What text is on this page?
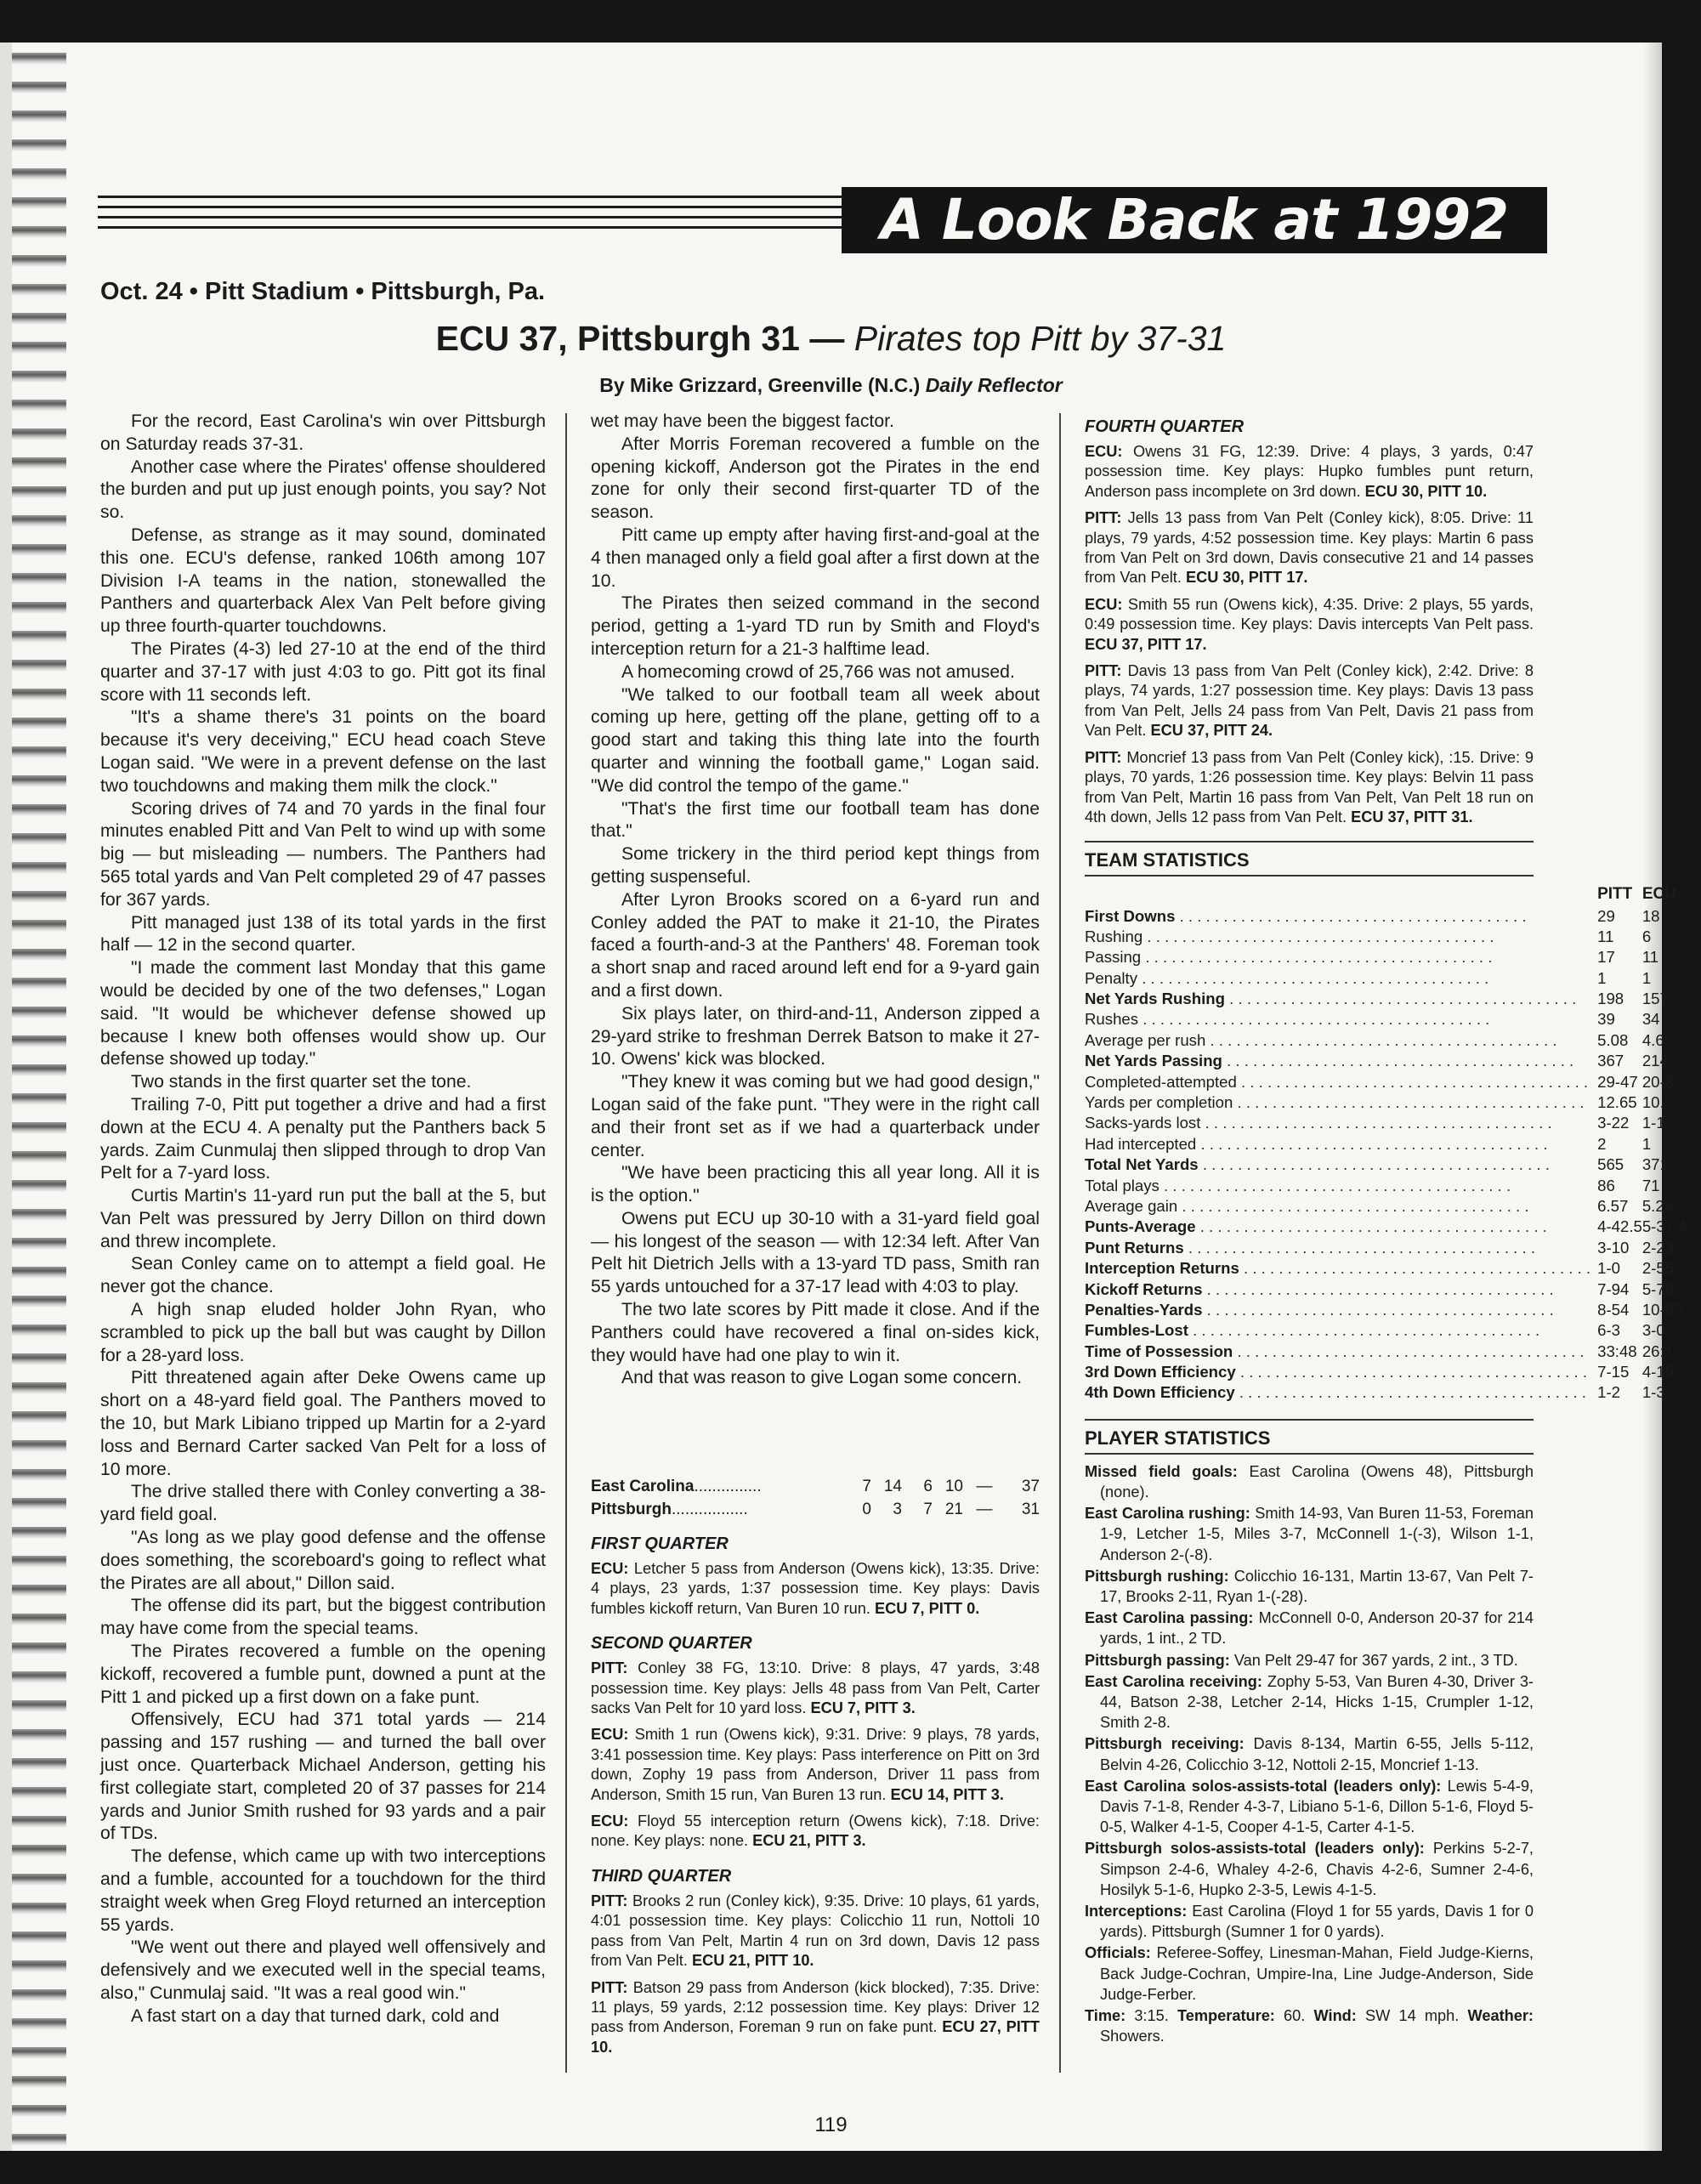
A Look Back at 1992
Oct. 24 • Pitt Stadium • Pittsburgh, Pa.
ECU 37, Pittsburgh 31 — Pirates top Pitt by 37-31
By Mike Grizzard, Greenville (N.C.) Daily Reflector

For the record, East Carolina's win over Pittsburgh on Saturday reads 37-31.

Another case where the Pirates' offense shouldered the burden and put up just enough points, you say? Not so.

Defense, as strange as it may sound, dominated this one. ECU's defense, ranked 106th among 107 Division I-A teams in the nation, stonewalled the Panthers and quarterback Alex Van Pelt before giving up three fourth-quarter touchdowns.

The Pirates (4-3) led 27-10 at the end of the third quarter and 37-17 with just 4:03 to go. Pitt got its final score with 11 seconds left.

"It's a shame there's 31 points on the board because it's very deceiving," ECU head coach Steve Logan said. "We were in a prevent defense on the last two touchdowns and making them milk the clock."

Scoring drives of 74 and 70 yards in the final four minutes enabled Pitt and Van Pelt to wind up with some big — but misleading — numbers. The Panthers had 565 total yards and Van Pelt completed 29 of 47 passes for 367 yards.

Pitt managed just 138 of its total yards in the first half — 12 in the second quarter.

"I made the comment last Monday that this game would be decided by one of the two defenses," Logan said. "It would be whichever defense showed up because I knew both offenses would show up. Our defense showed up today."

Two stands in the first quarter set the tone.

Trailing 7-0, Pitt put together a drive and had a first down at the ECU 4. A penalty put the Panthers back 5 yards. Zaim Cunmulaj then slipped through to drop Van Pelt for a 7-yard loss.

Curtis Martin's 11-yard run put the ball at the 5, but Van Pelt was pressured by Jerry Dillon on third down and threw incomplete.

Sean Conley came on to attempt a field goal. He never got the chance.

A high snap eluded holder John Ryan, who scrambled to pick up the ball but was caught by Dillon for a 28-yard loss.

Pitt threatened again after Deke Owens came up short on a 48-yard field goal. The Panthers moved to the 10, but Mark Libiano tripped up Martin for a 2-yard loss and Bernard Carter sacked Van Pelt for a loss of 10 more.

The drive stalled there with Conley converting a 38-yard field goal.

"As long as we play good defense and the offense does something, the scoreboard's going to reflect what the Pirates are all about," Dillon said.

The offense did its part, but the biggest contribution may have come from the special teams.

The Pirates recovered a fumble on the opening kickoff, recovered a fumble punt, downed a punt at the Pitt 1 and picked up a first down on a fake punt.

Offensively, ECU had 371 total yards — 214 passing and 157 rushing — and turned the ball over just once. Quarterback Michael Anderson, getting his first collegiate start, completed 20 of 37 passes for 214 yards and Junior Smith rushed for 93 yards and a pair of TDs.

The defense, which came up with two interceptions and a fumble, accounted for a touchdown for the third straight week when Greg Floyd returned an interception 55 yards.

"We went out there and played well offensively and defensively and we executed well in the special teams, also," Cunmulaj said. "It was a real good win."

A fast start on a day that turned dark, cold and

wet may have been the biggest factor.

After Morris Foreman recovered a fumble on the opening kickoff, Anderson got the Pirates in the end zone for only their second first-quarter TD of the season.

Pitt came up empty after having first-and-goal at the 4 then managed only a field goal after a first down at the 10.

The Pirates then seized command in the second period, getting a 1-yard TD run by Smith and Floyd's interception return for a 21-3 halftime lead.

A homecoming crowd of 25,766 was not amused.

"We talked to our football team all week about coming up here, getting off the plane, getting off to a good start and taking this thing late into the fourth quarter and winning the football game," Logan said. "We did control the tempo of the game."

"That's the first time our football team has done that."

Some trickery in the third period kept things from getting suspenseful.

After Lyron Brooks scored on a 6-yard run and Conley added the PAT to make it 21-10, the Pirates faced a fourth-and-3 at the Panthers' 48. Foreman took a short snap and raced around left end for a 9-yard gain and a first down.

Six plays later, on third-and-11, Anderson zipped a 29-yard strike to freshman Derrek Batson to make it 27-10. Owens' kick was blocked.

"They knew it was coming but we had good design," Logan said of the fake punt. "They were in the right call and their front set as if we had a quarterback under center.

"We have been practicing this all year long. All it is is the option."

Owens put ECU up 30-10 with a 31-yard field goal — his longest of the season — with 12:34 left. After Van Pelt hit Dietrich Jells with a 13-yard TD pass, Smith ran 55 yards untouched for a 37-17 lead with 4:03 to play.

The two late scores by Pitt made it close. And if the Panthers could have recovered a final on-sides kick, they would have had one play to win it.

And that was reason to give Logan some concern.

East Carolina ...............	7 14	6 10 —	37
Pittsburgh .................	0	3	7 21 —	31
FIRST QUARTER

ECU: Letcher 5 pass from Anderson (Owens kick), 13:35. Drive: 4 plays, 23 yards, 1:37 possession time. Key plays: Davis fumbles kickoff return, Van Buren 10 run. ECU 7, PITT 0.

SECOND QUARTER

PITT: Conley 38 FG, 13:10. Drive: 8 plays, 47 yards, 3:48 possession time. Key plays: Jells 48 pass from Van Pelt, Carter sacks Van Pelt for 10 yard loss. ECU 7, PITT 3.

ECU: Smith 1 run (Owens kick), 9:31. Drive: 9 plays, 78 yards, 3:41 possession time. Key plays: Pass interference on Pitt on 3rd down, Zophy 19 pass from Anderson, Driver 11 pass from Anderson, Smith 15 run, Van Buren 13 run. ECU 14, PITT 3.

ECU: Floyd 55 interception return (Owens kick), 7:18. Drive: none. Key plays: none. ECU 21, PITT 3.

THIRD QUARTER

PITT: Brooks 2 run (Conley kick), 9:35. Drive: 10 plays, 61 yards, 4:01 possession time. Key plays: Colicchio 11 run, Nottoli 10 pass from Van Pelt, Martin 4 run on 3rd down, Davis 12 pass from Van Pelt. ECU 21, PITT 10.

PITT: Batson 29 pass from Anderson (kick blocked), 7:35. Drive: 11 plays, 59 yards, 2:12 possession time. Key plays: Driver 12 pass from Anderson, Foreman 9 run on fake punt. ECU 27, PITT 10.

FOURTH QUARTER

ECU: Owens 31 FG, 12:39. Drive: 4 plays, 3 yards, 0:47 possession time. Key plays: Hupko fumbles punt return, Anderson pass incomplete on 3rd down. ECU 30, PITT 10.

PITT: Jells 13 pass from Van Pelt (Conley kick), 8:05. Drive: 11 plays, 79 yards, 4:52 possession time. Key plays: Martin 6 pass from Van Pelt on 3rd down, Davis consecutive 21 and 14 passes from Van Pelt. ECU 30, PITT 17.

ECU: Smith 55 run (Owens kick), 4:35. Drive: 2 plays, 55 yards, 0:49 possession time. Key plays: Davis intercepts Van Pelt pass. ECU 37, PITT 17.

PITT: Davis 13 pass from Van Pelt (Conley kick), 2:42. Drive: 8 plays, 74 yards, 1:27 possession time. Key plays: Davis 13 pass from Van Pelt, Jells 24 pass from Van Pelt, Davis 21 pass from Van Pelt. ECU 37, PITT 24.

PITT: Moncrief 13 pass from Van Pelt (Conley kick), :15. Drive: 9 plays, 70 yards, 1:26 possession time. Key plays: Belvin 11 pass from Van Pelt, Martin 16 pass from Van Pelt, Van Pelt 18 run on 4th down, Jells 12 pass from Van Pelt. ECU 37, PITT 31.

TEAM STATISTICS
	PITT	ECU
First Downs . . . . . . . . . . . . . . . . . . . . . . . . . . . . . . . . . . . . . . . .	29	18
Rushing . . . . . . . . . . . . . . . . . . . . . . . . . . . . . . . . . . . . . . . .	11	6
Passing . . . . . . . . . . . . . . . . . . . . . . . . . . . . . . . . . . . . . . . .	17	11
Penalty . . . . . . . . . . . . . . . . . . . . . . . . . . . . . . . . . . . . . . . .	1	1
Net Yards Rushing . . . . . . . . . . . . . . . . . . . . . . . . . . . . . . . . . . . . . . . .	198	157
Rushes . . . . . . . . . . . . . . . . . . . . . . . . . . . . . . . . . . . . . . . .	39	34
Average per rush . . . . . . . . . . . . . . . . . . . . . . . . . . . . . . . . . . . . . . . .	5.08	4.62
Net Yards Passing . . . . . . . . . . . . . . . . . . . . . . . . . . . . . . . . . . . . . . . .	367	214
Completed-attempted . . . . . . . . . . . . . . . . . . . . . . . . . . . . . . . . . . . . . . . .	29-47	20-37
Yards per completion . . . . . . . . . . . . . . . . . . . . . . . . . . . . . . . . . . . . . . . .	12.65	10.7
Sacks-yards lost . . . . . . . . . . . . . . . . . . . . . . . . . . . . . . . . . . . . . . . .	3-22	1-1
Had intercepted . . . . . . . . . . . . . . . . . . . . . . . . . . . . . . . . . . . . . . . .	2	1
Total Net Yards . . . . . . . . . . . . . . . . . . . . . . . . . . . . . . . . . . . . . . . .	565	371
Total plays . . . . . . . . . . . . . . . . . . . . . . . . . . . . . . . . . . . . . . . .	86	71
Average gain . . . . . . . . . . . . . . . . . . . . . . . . . . . . . . . . . . . . . . . .	6.57	5.23
Punts-Average . . . . . . . . . . . . . . . . . . . . . . . . . . . . . . . . . . . . . . . .	4-42.5	5-37.4
Punt Returns . . . . . . . . . . . . . . . . . . . . . . . . . . . . . . . . . . . . . . . .	3-10	2-23
Interception Returns . . . . . . . . . . . . . . . . . . . . . . . . . . . . . . . . . . . . . . . .	1-0	2-55
Kickoff Returns . . . . . . . . . . . . . . . . . . . . . . . . . . . . . . . . . . . . . . . .	7-94	5-76
Penalties-Yards . . . . . . . . . . . . . . . . . . . . . . . . . . . . . . . . . . . . . . . .	8-54	10-65
Fumbles-Lost . . . . . . . . . . . . . . . . . . . . . . . . . . . . . . . . . . . . . . . .	6-3	3-0
Time of Possession . . . . . . . . . . . . . . . . . . . . . . . . . . . . . . . . . . . . . . . .	33:48	26:12
3rd Down Efficiency . . . . . . . . . . . . . . . . . . . . . . . . . . . . . . . . . . . . . . . .	7-15	4-15
4th Down Efficiency . . . . . . . . . . . . . . . . . . . . . . . . . . . . . . . . . . . . . . . .	1-2	1-3
PLAYER STATISTICS

Missed field goals: East Carolina (Owens 48), Pittsburgh (none).

East Carolina rushing: Smith 14-93, Van Buren 11-53, Foreman 1-9, Letcher 1-5, Miles 3-7, McConnell 1-(-3), Wilson 1-1, Anderson 2-(-8).

Pittsburgh rushing: Colicchio 16-131, Martin 13-67, Van Pelt 7-17, Brooks 2-11, Ryan 1-(-28).

East Carolina passing: McConnell 0-0, Anderson 20-37 for 214 yards, 1 int., 2 TD.

Pittsburgh passing: Van Pelt 29-47 for 367 yards, 2 int., 3 TD.

East Carolina receiving: Zophy 5-53, Van Buren 4-30, Driver 3-44, Batson 2-38, Letcher 2-14, Hicks 1-15, Crumpler 1-12, Smith 2-8.

Pittsburgh receiving: Davis 8-134, Martin 6-55, Jells 5-112, Belvin 4-26, Colicchio 3-12, Nottoli 2-15, Moncrief 1-13.

East Carolina solos-assists-total (leaders only): Lewis 5-4-9, Davis 7-1-8, Render 4-3-7, Libiano 5-1-6, Dillon 5-1-6, Floyd 5-0-5, Walker 4-1-5, Cooper 4-1-5, Carter 4-1-5.

Pittsburgh solos-assists-total (leaders only): Perkins 5-2-7, Simpson 2-4-6, Whaley 4-2-6, Chavis 4-2-6, Sumner 2-4-6, Hosilyk 5-1-6, Hupko 2-3-5, Lewis 4-1-5.

Interceptions: East Carolina (Floyd 1 for 55 yards, Davis 1 for 0 yards). Pittsburgh (Sumner 1 for 0 yards).

Officials: Referee-Soffey, Linesman-Mahan, Field Judge-Kierns, Back Judge-Cochran, Umpire-Ina, Line Judge-Anderson, Side Judge-Ferber.

Time: 3:15. Temperature: 60. Wind: SW 14 mph. Weather: Showers.

119
